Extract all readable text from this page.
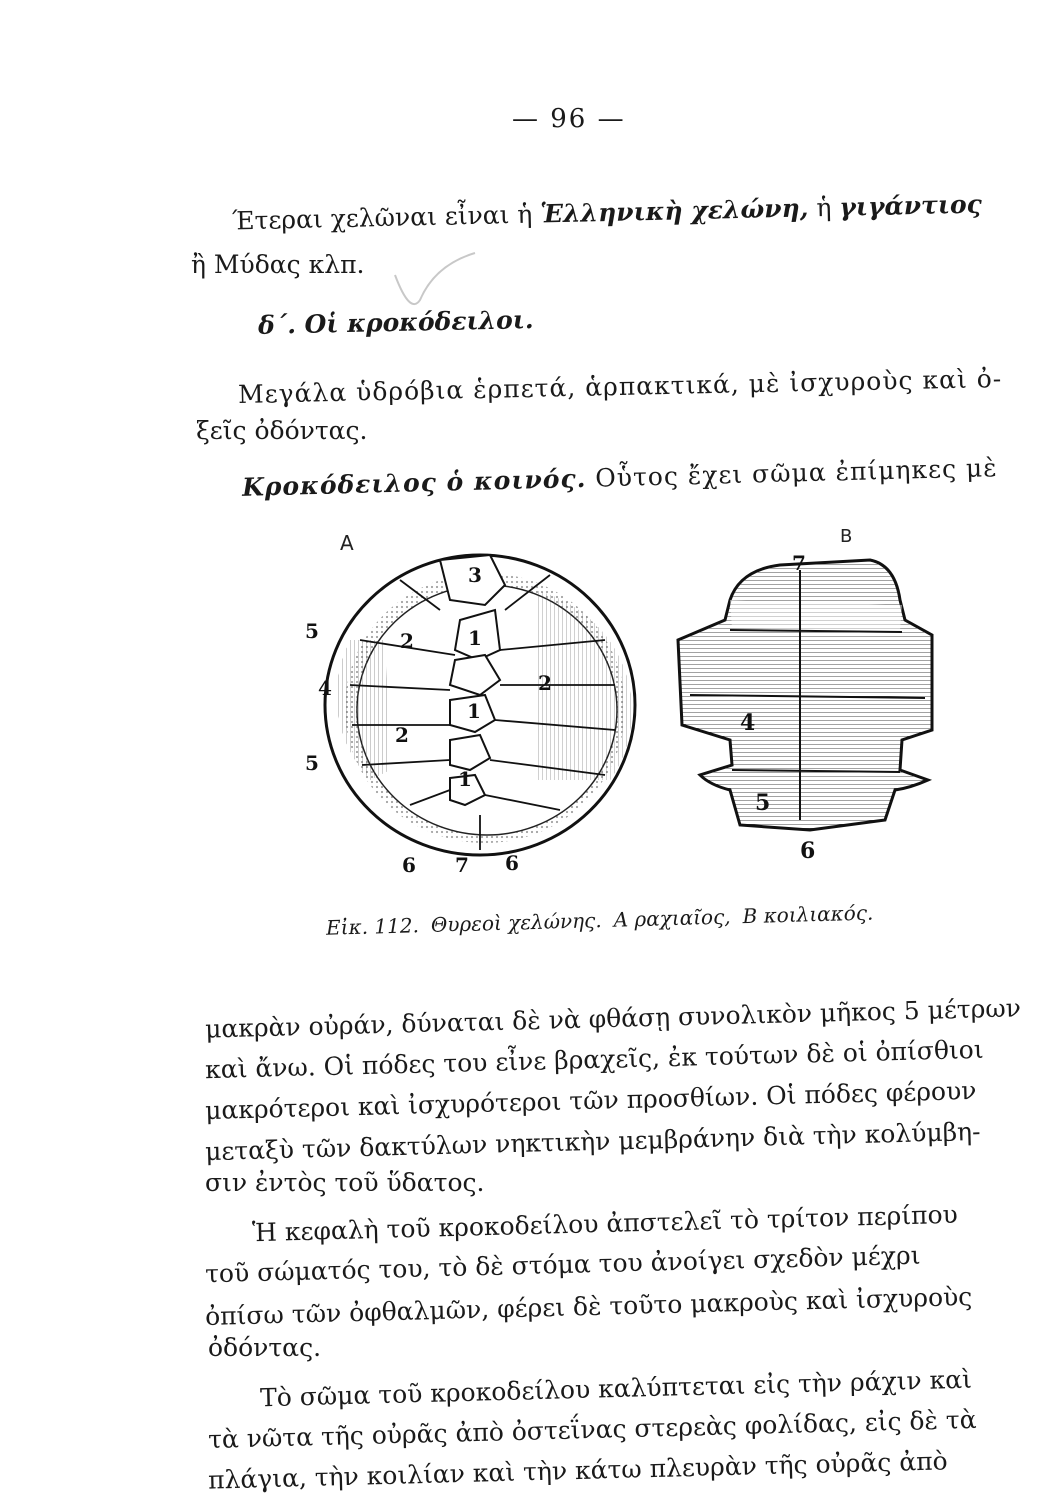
— 96 —
Έτεραι χελῶναι εἶναι ἡ Ἑλληνικὴ χελώνη, ἡ γιγάντιος
ἢ Μύδας κλπ.
δ΄. Οἱ κροκόδειλοι.
Μεγάλα ὑδρόβια ἑρπετά, ἁρπακτικά, μὲ ἰσχυροὺς καὶ ὀ-
ξεῖς ὀδόντας.
Κροκόδειλος ὁ κοινός. Οὗτος ἔχει σῶμα ἐπίμηκες μὲ
1
1
1
2
2
2
3
4
5
5
6 7 6
Α
7
4
5
6
Β
Εἰκ. 112. Θυρεοὶ χελώνης. Α ραχιαῖος, Β κοιλιακός.
μακρὰν οὐράν, δύναται δὲ νὰ φθάσῃ συνολικὸν μῆκος 5 μέτρων
καὶ ἄνω. Οἱ πόδες του εἶνε βραχεῖς, ἐκ τούτων δὲ οἱ ὀπίσθιοι
μακρότεροι καὶ ἰσχυρότεροι τῶν προσθίων. Οἱ πόδες φέρουν
μεταξὺ τῶν δακτύλων νηκτικὴν μεμβράνην διὰ τὴν κολύμβη-
σιν ἐντὸς τοῦ ὕδατος.
Ἡ κεφαλὴ τοῦ κροκοδείλου ἀπστελεῖ τὸ τρίτον περίπου
τοῦ σώματός του, τὸ δὲ στόμα του ἀνοίγει σχεδὸν μέχρι
ὀπίσω τῶν ὀφθαλμῶν, φέρει δὲ τοῦτο μακροὺς καὶ ἰσχυροὺς
ὀδόντας.
Τὸ σῶμα τοῦ κροκοδείλου καλύπτεται εἰς τὴν ράχιν καὶ
τὰ νῶτα τῆς οὐρᾶς ἀπὸ ὀστεΐνας στερεὰς φολίδας, εἰς δὲ τὰ
πλάγια, τὴν κοιλίαν καὶ τὴν κάτω πλευρὰν τῆς οὐρᾶς ἀπὸ
